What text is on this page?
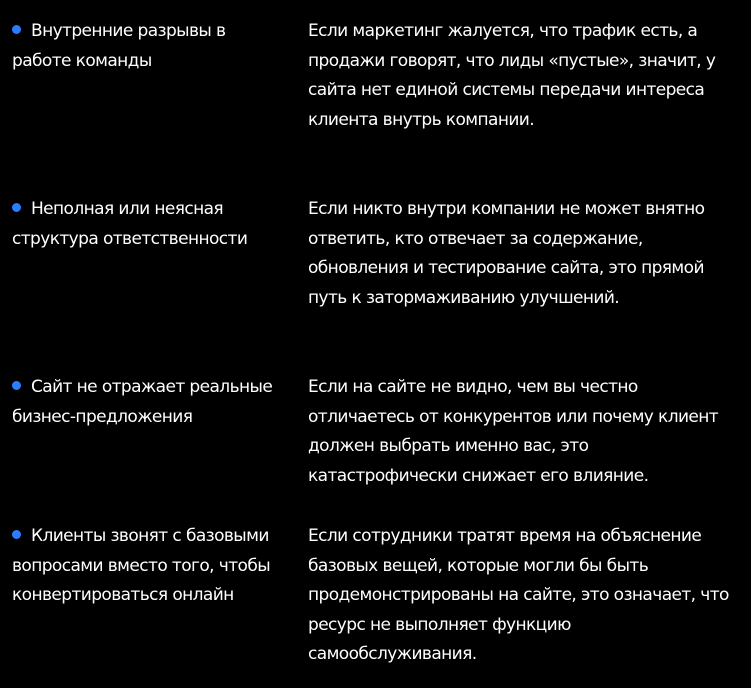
Внутренние разрывы в работе команды

Если маркетинг жалуется, что трафик есть, а продажи говорят, что лиды «пустые», значит, у сайта нет единой системы передачи интереса клиента внутрь компании.

Неполная или неясная структура ответственности

Если никто внутри компании не может внятно ответить, кто отвечает за содержание, обновления и тестирование сайта, это прямой путь к затормаживанию улучшений.

Сайт не отражает реальные бизнес-предложения

Если на сайте не видно, чем вы честно отличаетесь от конкурентов или почему клиент должен выбрать именно вас, это катастрофически снижает его влияние.

Клиенты звонят с базовыми вопросами вместо того, чтобы конвертироваться онлайн

Если сотрудники тратят время на объяснение базовых вещей, которые могли бы быть продемонстрированы на сайте, это означает, что ресурс не выполняет функцию самообслуживания.
